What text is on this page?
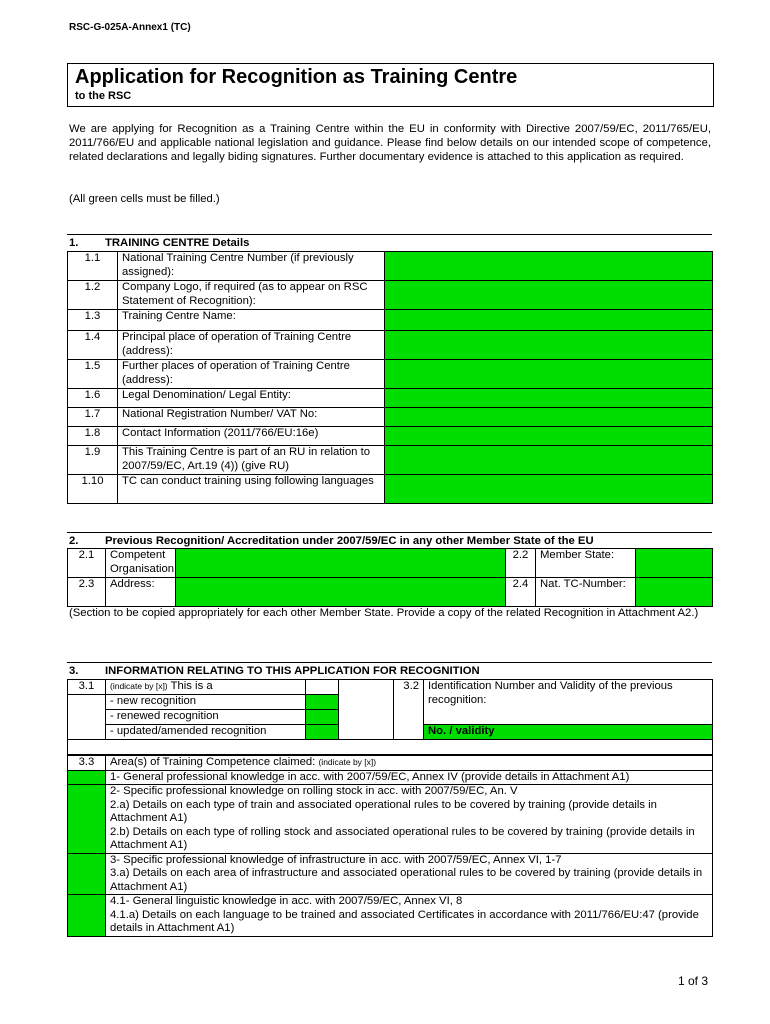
RSC-G-025A-Annex1 (TC)
Application for Recognition as Training Centre
to the RSC
We are applying for Recognition as a Training Centre within the EU in conformity with Directive 2007/59/EC, 2011/765/EU, 2011/766/EU and applicable national legislation and guidance. Please find below details on our intended scope of competence, related declarations and legally biding signatures. Further documentary evidence is attached to this application as required.
(All green cells must be filled.)
1. TRAINING CENTRE Details
1.1	National Training Centre Number (if previously assigned):	
1.2	Company Logo, if required (as to appear on RSC Statement of Recognition):	
1.3	Training Centre Name:	
1.4	Principal place of operation of Training Centre (address):	
1.5	Further places of operation of Training Centre (address):	
1.6	Legal Denomination/ Legal Entity:	
1.7	National Registration Number/ VAT No:	
1.8	Contact Information (2011/766/EU:16e)	
1.9	This Training Centre is part of an RU in relation to 2007/59/EC, Art.19 (4)) (give RU)	
1.10	TC can conduct training using following languages	
2. Previous Recognition/ Accreditation under 2007/59/EC in any other Member State of the EU
2.1	Competent Organisation:		2.2	Member State:	
2.3	Address:		2.4	Nat. TC-Number:	
(Section to be copied appropriately for each other Member State. Provide a copy of the related Recognition in Attachment A2.)
3. INFORMATION RELATING TO THIS APPLICATION FOR RECOGNITION
3.1	(indicate by [x]) This is a			3.2	Identification Number and Validity of the previous recognition:
	- new recognition				
	- renewed recognition				
	- updated/amended recognition				No. / validity

3.3	Area(s) of Training Competence claimed: (indicate by [x])

	1- General professional knowledge in acc. with 2007/59/EC, Annex IV (provide details in Attachment A1)

	2- Specific professional knowledge on rolling stock in acc. with 2007/59/EC, An. V
2.a) Details on each type of train and associated operational rules to be covered by training (provide details in Attachment A1)
2.b) Details on each type of rolling stock and associated operational rules to be covered by training (provide details in Attachment A1)

	3- Specific professional knowledge of infrastructure in acc. with 2007/59/EC, Annex VI, 1-7
3.a) Details on each area of infrastructure and associated operational rules to be covered by training (provide details in Attachment A1)

	4.1- General linguistic knowledge in acc. with 2007/59/EC, Annex VI, 8
4.1.a) Details on each language to be trained and associated Certificates in accordance with 2011/766/EU:47 (provide details in Attachment A1)
1 of 3
